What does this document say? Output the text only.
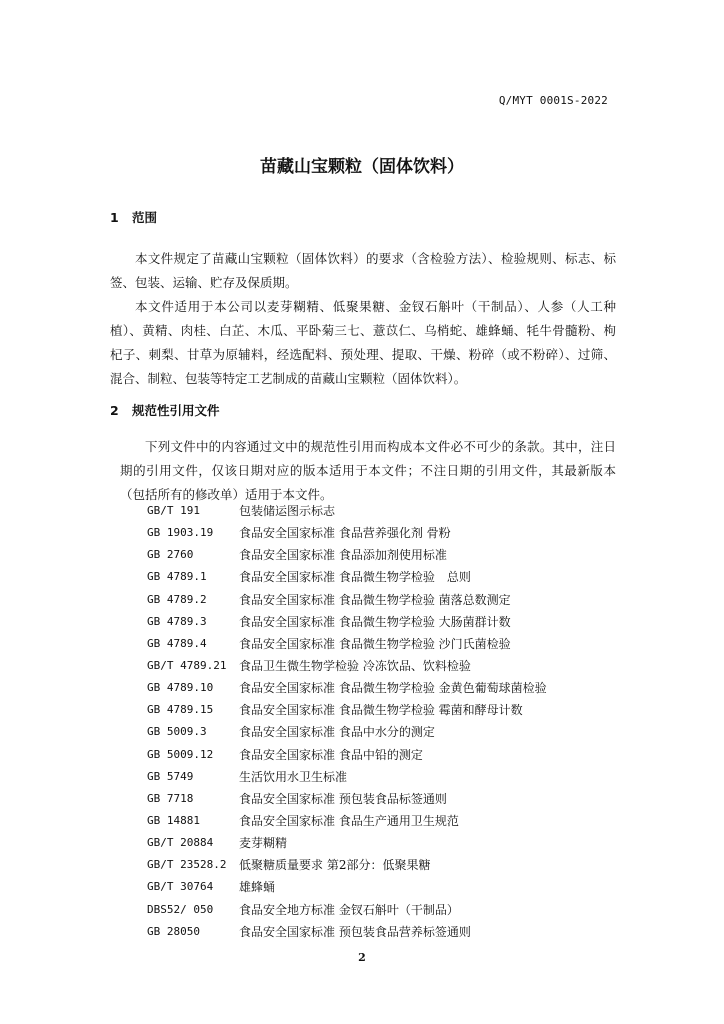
Q/MYT 0001S-2022
苗藏山宝颗粒（固体饮料）
1 范围
本文件规定了苗藏山宝颗粒（固体饮料）的要求（含检验方法）、检验规则、标志、标签、包装、运输、贮存及保质期。
本文件适用于本公司以麦芽糊精、低聚果糖、金钗石斛叶（干制品）、人参（人工种植）、黄精、肉桂、白芷、木瓜、平卧菊三七、薏苡仁、乌梢蛇、雄蜂蛹、牦牛骨髓粉、枸杞子、刺梨、甘草为原辅料，经选配料、预处理、提取、干燥、粉碎（或不粉碎）、过筛、混合、制粒、包装等特定工艺制成的苗藏山宝颗粒（固体饮料）。
2 规范性引用文件
下列文件中的内容通过文中的规范性引用而构成本文件必不可少的条款。其中，注日期的引用文件，仅该日期对应的版本适用于本文件；不注日期的引用文件，其最新版本（包括所有的修改单）适用于本文件。
GB/T 191	包装储运图示标志
GB 1903.19	食品安全国家标准 食品营养强化剂 骨粉
GB 2760	食品安全国家标准 食品添加剂使用标准
GB 4789.1	食品安全国家标准 食品微生物学检验　总则
GB 4789.2	食品安全国家标准 食品微生物学检验 菌落总数测定
GB 4789.3	食品安全国家标准 食品微生物学检验 大肠菌群计数
GB 4789.4	食品安全国家标准 食品微生物学检验 沙门氏菌检验
GB/T 4789.21	食品卫生微生物学检验 冷冻饮品、饮料检验
GB 4789.10	食品安全国家标准 食品微生物学检验 金黄色葡萄球菌检验
GB 4789.15	食品安全国家标准 食品微生物学检验 霉菌和酵母计数
GB 5009.3	食品安全国家标准 食品中水分的测定
GB 5009.12	食品安全国家标准 食品中铅的测定
GB 5749	生活饮用水卫生标准
GB 7718	食品安全国家标准 预包装食品标签通则
GB 14881	食品安全国家标准 食品生产通用卫生规范
GB/T 20884	麦芽糊精
GB/T 23528.2	低聚糖质量要求 第2部分：低聚果糖
GB/T 30764	雄蜂蛹
DBS52/ 050	食品安全地方标准 金钗石斛叶（干制品）
GB 28050	食品安全国家标准 预包装食品营养标签通则
2
